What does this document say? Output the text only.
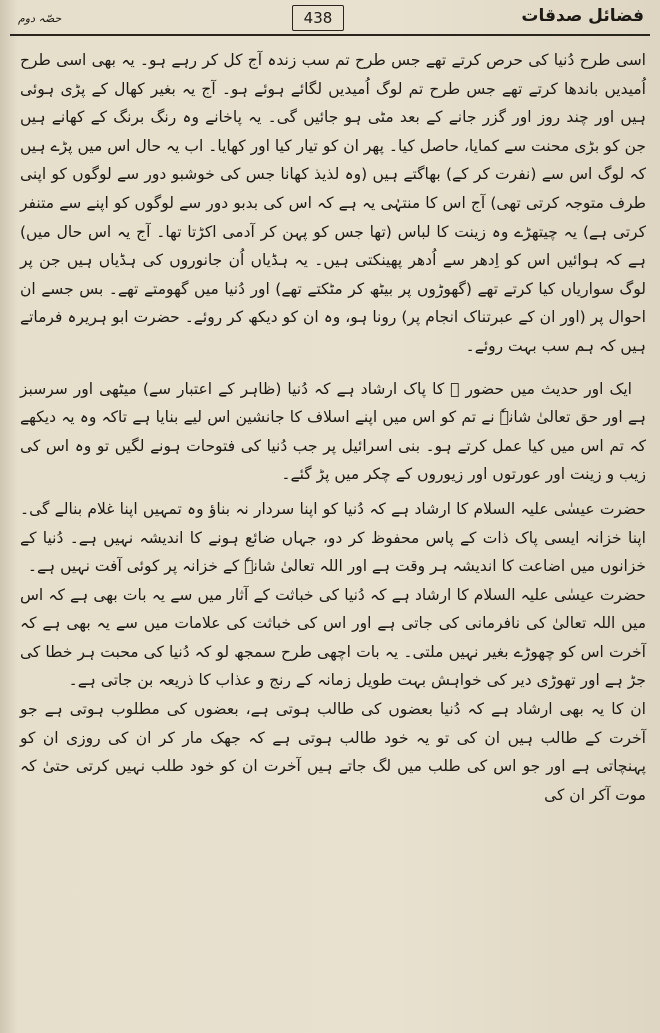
فضائل صدقات
438
حصّہ دوم

اسی طرح دُنیا کی حرص کرتے تھے جس طرح تم سب زندہ آج کل کر رہے ہو۔ یہ بھی اسی طرح اُمیدیں باندھا کرتے تھے جس طرح تم لوگ اُمیدیں لگائے ہوئے ہو۔ آج یہ بغیر کھال کے پڑی ہوئی ہیں اور چند روز اور گزر جانے کے بعد مٹی ہو جائیں گی۔ یہ پاخانے وہ رنگ برنگ کے کھانے ہیں جن کو بڑی محنت سے کمایا، حاصل کیا۔ پھر ان کو تیار کیا اور کھایا۔ اب یہ حال اس میں پڑے ہیں کہ لوگ اس سے (نفرت کر کے) بھاگتے ہیں (وہ لذیذ کھانا جس کی خوشبو دور سے لوگوں کو اپنی طرف متوجہ کرتی تھی) آج اس کا منتہٰی یہ ہے کہ اس کی بدبو دور سے لوگوں کو اپنے سے متنفر کرتی ہے) یہ چیتھڑے وہ زینت کا لباس (تھا جس کو پہن کر آدمی اکڑتا تھا۔ آج یہ اس حال میں) ہے کہ ہوائیں اس کو اِدھر سے اُدھر پھینکتی ہیں۔ یہ ہڈیاں اُن جانوروں کی ہڈیاں ہیں جن پر لوگ سواریاں کیا کرتے تھے (گھوڑوں پر بیٹھ کر مٹکتے تھے) اور دُنیا میں گھومتے تھے۔ بس جسے ان احوال پر (اور ان کے عبرتناک انجام پر) رونا ہو، وہ ان کو دیکھ کر روئے۔ حضرت ابو ہریرہ فرماتے ہیں کہ ہم سب بہت روئے۔

ایک اور حدیث میں حضور ﷺ کا پاک ارشاد ہے کہ دُنیا (ظاہر کے اعتبار سے) میٹھی اور سرسبز ہے اور حق تعالیٰ شانہٗ نے تم کو اس میں اپنے اسلاف کا جانشین اس لیے بنایا ہے تاکہ وہ یہ دیکھے کہ تم اس میں کیا عمل کرتے ہو۔ بنی اسرائیل پر جب دُنیا کی فتوحات ہونے لگیں تو وہ اس کی زیب و زینت اور عورتوں اور زیوروں کے چکر میں پڑ گئے۔

حضرت عیسٰی علیہ السلام کا ارشاد ہے کہ دُنیا کو اپنا سردار نہ بناؤ وہ تمہیں اپنا غلام بنالے گی۔ اپنا خزانہ ایسی پاک ذات کے پاس محفوظ کر دو، جہاں ضائع ہونے کا اندیشہ نہیں ہے۔ دُنیا کے خزانوں میں اضاعت کا اندیشہ ہر وقت ہے اور اللہ تعالیٰ شانہٗ کے خزانہ پر کوئی آفت نہیں ہے۔

حضرت عیسٰی علیہ السلام کا ارشاد ہے کہ دُنیا کی خباثت کے آثار میں سے یہ بات بھی ہے کہ اس میں اللہ تعالیٰ کی نافرمانی کی جاتی ہے اور اس کی خباثت کی علامات میں سے یہ بھی ہے کہ آخرت اس کو چھوڑے بغیر نہیں ملتی۔ یہ بات اچھی طرح سمجھ لو کہ دُنیا کی محبت ہر خطا کی جڑ ہے اور تھوڑی دیر کی خواہش بہت طویل زمانہ کے رنج و عذاب کا ذریعہ بن جاتی ہے۔

ان کا یہ بھی ارشاد ہے کہ دُنیا بعضوں کی طالب ہوتی ہے، بعضوں کی مطلوب ہوتی ہے جو آخرت کے طالب ہیں ان کی تو یہ خود طالب ہوتی ہے کہ جھک مار کر ان کی روزی ان کو پہنچاتی ہے اور جو اس کی طلب میں لگ جاتے ہیں آخرت ان کو خود طلب نہیں کرتی حتیٰ کہ موت آکر ان کی
